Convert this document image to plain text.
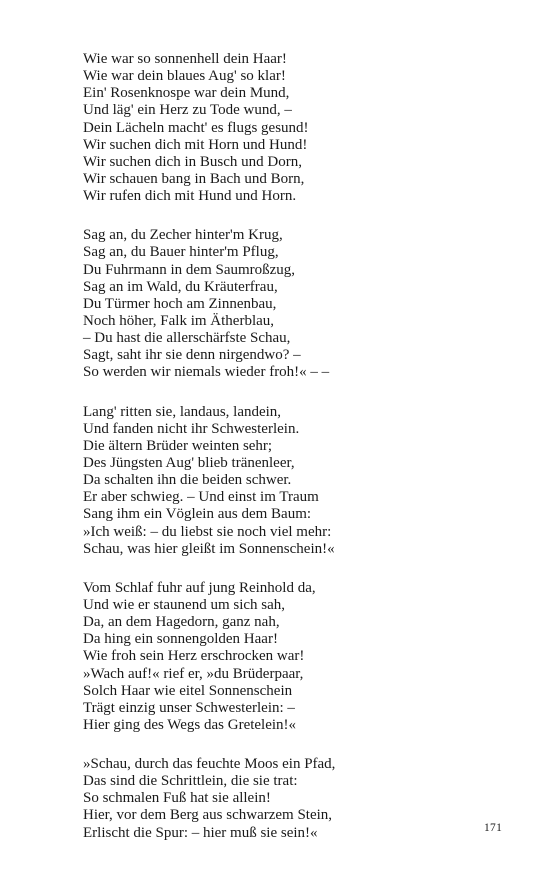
Wie war so sonnenhell dein Haar!
Wie war dein blaues Aug' so klar!
Ein' Rosenknospe war dein Mund,
Und läg' ein Herz zu Tode wund, –
Dein Lächeln macht' es flugs gesund!
Wir suchen dich mit Horn und Hund!
Wir suchen dich in Busch und Dorn,
Wir schauen bang in Bach und Born,
Wir rufen dich mit Hund und Horn.
Sag an, du Zecher hinter'm Krug,
Sag an, du Bauer hinter'm Pflug,
Du Fuhrmann in dem Saumroßzug,
Sag an im Wald, du Kräuterfrau,
Du Türmer hoch am Zinnenbau,
Noch höher, Falk im Ätherblau,
– Du hast die allerschärfste Schau,
Sagt, saht ihr sie denn nirgendwo? –
So werden wir niemals wieder froh!« – –
Lang' ritten sie, landaus, landein,
Und fanden nicht ihr Schwesterlein.
Die ältern Brüder weinten sehr;
Des Jüngsten Aug' blieb tränenleer,
Da schalten ihn die beiden schwer.
Er aber schwieg. – Und einst im Traum
Sang ihm ein Vöglein aus dem Baum:
»Ich weiß: – du liebst sie noch viel mehr:
Schau, was hier gleißt im Sonnenschein!«
Vom Schlaf fuhr auf jung Reinhold da,
Und wie er staunend um sich sah,
Da, an dem Hagedorn, ganz nah,
Da hing ein sonnengolden Haar!
Wie froh sein Herz erschrocken war!
»Wach auf!« rief er, »du Brüderpaar,
Solch Haar wie eitel Sonnenschein
Trägt einzig unser Schwesterlein: –
Hier ging des Wegs das Gretelein!«
»Schau, durch das feuchte Moos ein Pfad,
Das sind die Schrittlein, die sie trat:
So schmalen Fuß hat sie allein!
Hier, vor dem Berg aus schwarzem Stein,
Erlischt die Spur: – hier muß sie sein!«	171
